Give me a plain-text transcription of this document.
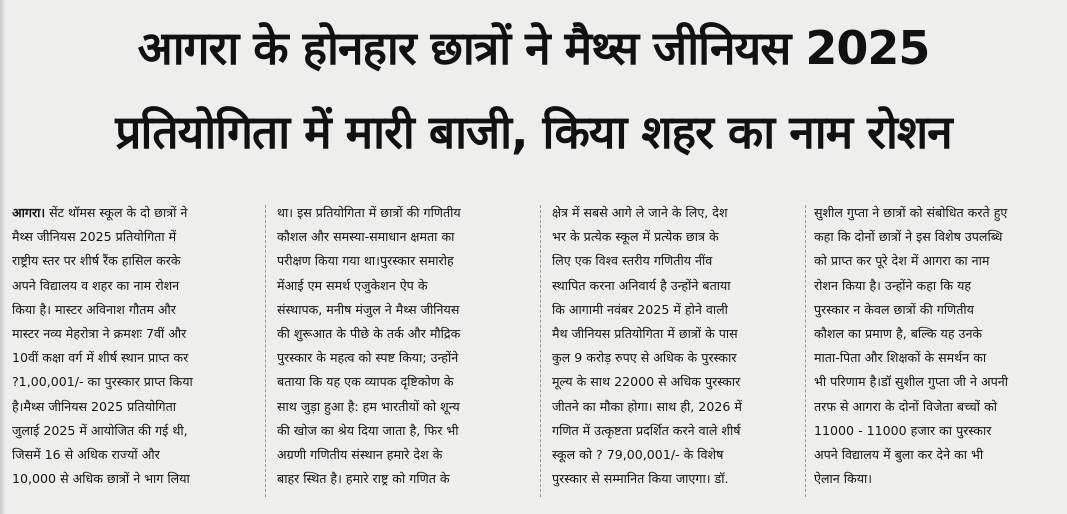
आगरा के होनहार छात्रों ने मैथ्स जीनियस 2025
प्रतियोगिता में मारी बाजी, किया शहर का नाम रोशन
आगरा। सेंट थॉमस स्कूल के दो छात्रों ने
मैथ्स जीनियस 2025 प्रतियोगिता में
राष्ट्रीय स्तर पर शीर्ष रैंक हासिल करके
अपने विद्यालय व शहर का नाम रोशन
किया है। मास्टर अविनाश गौतम और
मास्टर नव्य मेहरोत्रा ने क्रमशः 7वीं और
10वीं कक्षा वर्ग में शीर्ष स्थान प्राप्त कर
?1,00,001/- का पुरस्कार प्राप्त किया
है।मैथ्स जीनियस 2025 प्रतियोगिता
जुलाई 2025 में आयोजित की गई थी,
जिसमें 16 से अधिक राज्यों और
10,000 से अधिक छात्रों ने भाग लिया
था। इस प्रतियोगिता में छात्रों की गणितीय
कौशल और समस्या-समाधान क्षमता का
परीक्षण किया गया था।पुरस्कार समारोह
मेंआई एम समर्थ एजुकेशन ऐप के
संस्थापक, मनीष मंजुल ने मैथ्स जीनियस
की शुरूआत के पीछे के तर्क और मौद्रिक
पुरस्कार के महत्व को स्पष्ट किया; उन्होंने
बताया कि यह एक व्यापक दृष्टिकोण के
साथ जुड़ा हुआ है: हम भारतीयों को शून्य
की खोज का श्रेय दिया जाता है, फिर भी
अग्रणी गणितीय संस्थान हमारे देश के
बाहर स्थित है। हमारे राष्ट्र को गणित के
क्षेत्र में सबसे आगे ले जाने के लिए, देश
भर के प्रत्येक स्कूल में प्रत्येक छात्र के
लिए एक विश्व स्तरीय गणितीय नींव
स्थापित करना अनिवार्य है उन्होंने बताया
कि आगामी नवंबर 2025 में होने वाली
मैथ जीनियस प्रतियोगिता में छात्रों के पास
कुल 9 करोड़ रुपए से अधिक के पुरस्कार
मूल्य के साथ 22000 से अधिक पुरस्कार
जीतने का मौका होगा। साथ ही, 2026 में
गणित में उत्कृष्टता प्रदर्शित करने वाले शीर्ष
स्कूल को ? 79,00,001/- के विशेष
पुरस्कार से सम्मानित किया जाएगा। डॉ.
सुशील गुप्ता ने छात्रों को संबोधित करते हुए
कहा कि दोनों छात्रों ने इस विशेष उपलब्धि
को प्राप्त कर पूरे देश में आगरा का नाम
रोशन किया है। उन्होंने कहा कि यह
पुरस्कार न केवल छात्रों की गणितीय
कौशल का प्रमाण है, बल्कि यह उनके
माता-पिता और शिक्षकों के समर्थन का
भी परिणाम है।डॉ सुशील गुप्ता जी ने अपनी
तरफ से आगरा के दोनों विजेता बच्चों को
11000 - 11000 हजार का पुरस्कार
अपने विद्यालय में बुला कर देने का भी
ऐलान किया।
